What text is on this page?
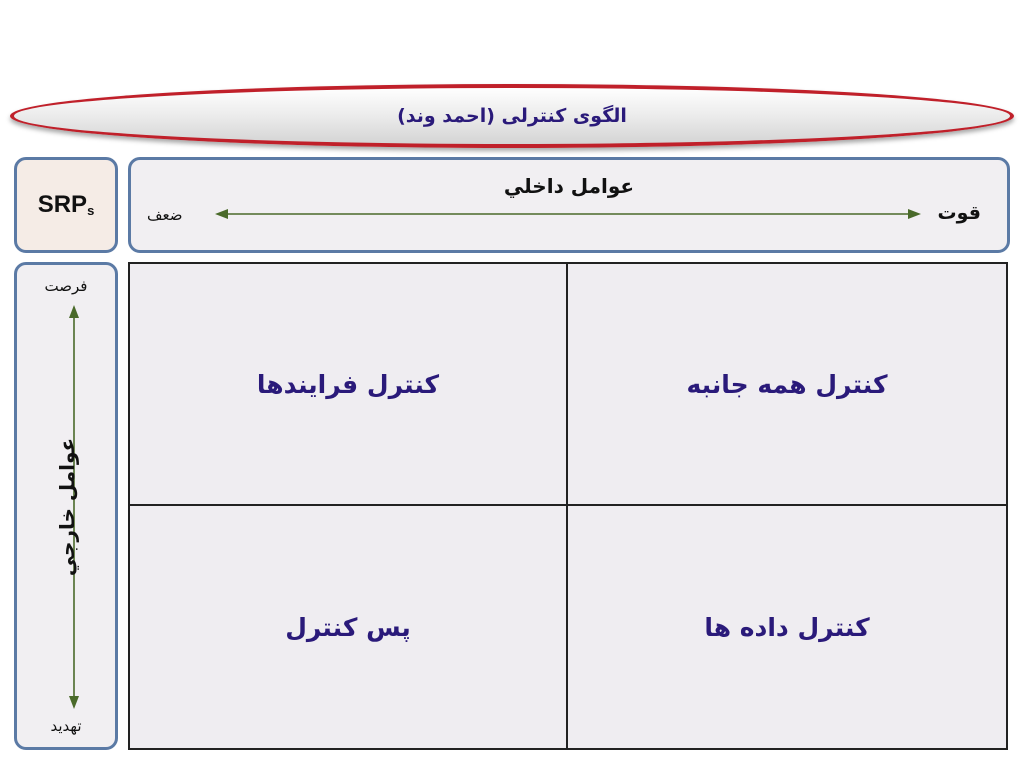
الگوی کنترلی (احمد وند)
SRP s
عوامل داخلي
قوت
ضعف
فرصت
عوامل خارجي
تهديد
کنترل فرايندها	کنترل همه جانبه
پس کنترل	کنترل داده ها
